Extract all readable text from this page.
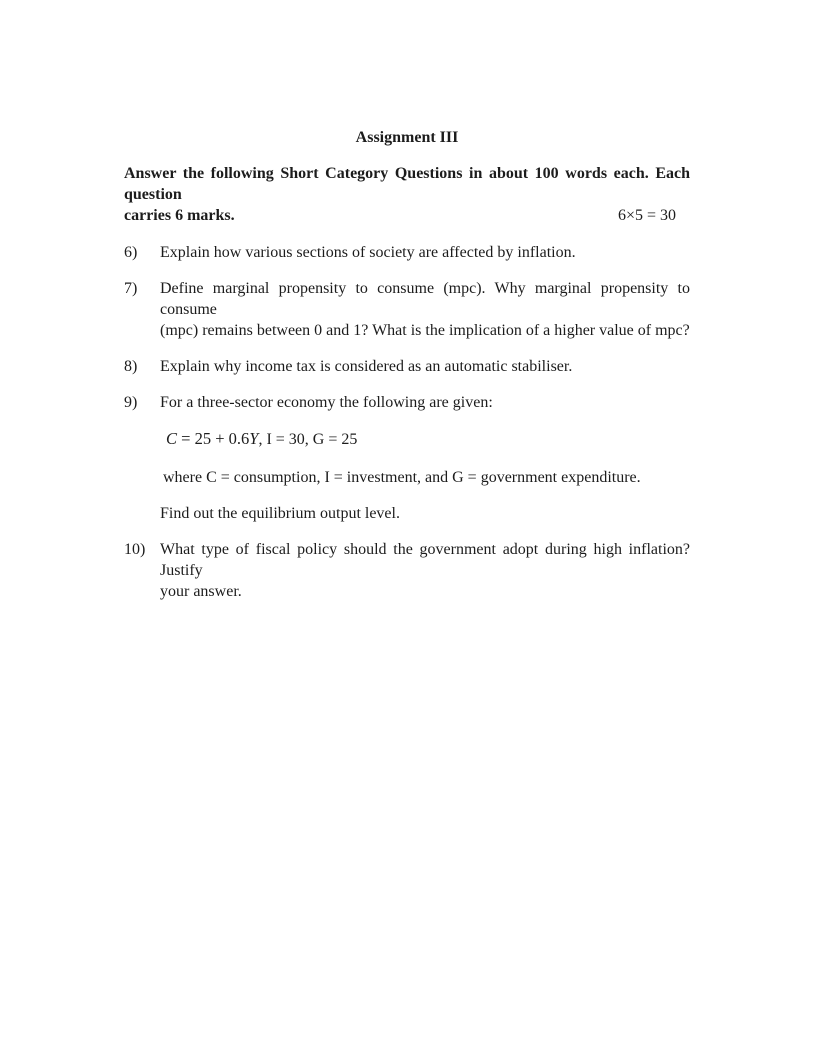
Assignment III
Answer the following Short Category Questions in about 100 words each. Each question
carries 6 marks.	6×5 = 30
6) Explain how various sections of society are affected by inflation.
7) Define marginal propensity to consume (mpc). Why marginal propensity to consume
(mpc) remains between 0 and 1? What is the implication of a higher value of mpc?
8) Explain why income tax is considered as an automatic stabiliser.
9) For a three-sector economy the following are given:
C = 25 + 0.6Y, I = 30, G = 25
where C = consumption, I = investment, and G = government expenditure.
Find out the equilibrium output level.
10) What type of fiscal policy should the government adopt during high inflation? Justify
your answer.
